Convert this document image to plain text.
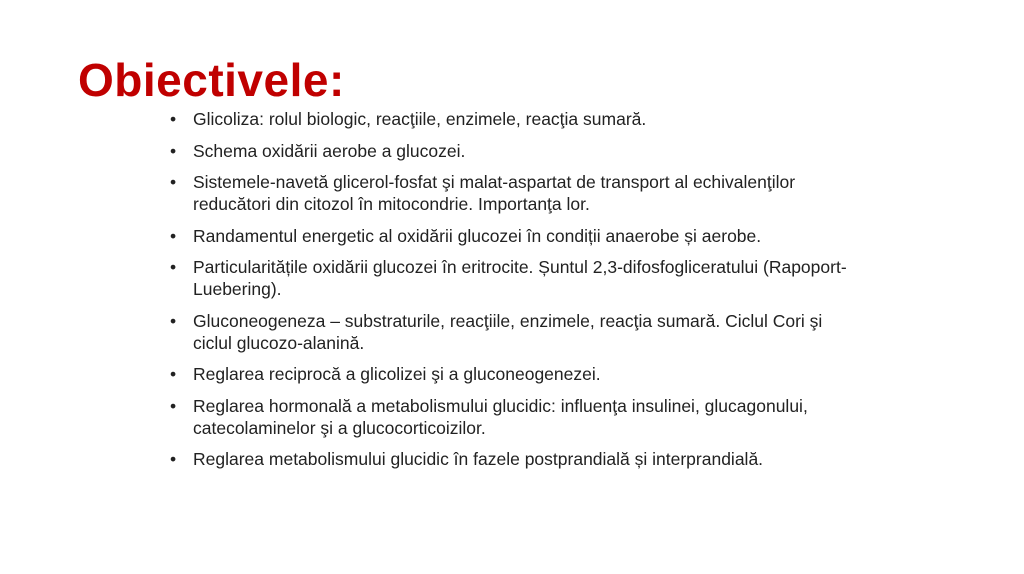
Obiectivele:
• Glicoliza: rolul biologic, reacţiile, enzimele, reacţia sumară.
• Schema oxidării aerobe a glucozei.
• Sistemele-navetă glicerol-fosfat şi malat-aspartat de transport al echivalenţilor reducători din citozol în mitocondrie. Importanţa lor.
• Randamentul energetic al oxidării glucozei în condiții anaerobe și aerobe.
• Particularitățile oxidării glucozei în eritrocite. Șuntul 2,3-difosfogliceratului (Rapoport-Luebering).
• Gluconeogeneza – substraturile, reacţiile, enzimele, reacţia sumară. Ciclul Cori şi ciclul glucozo-alanină.
• Reglarea reciprocă a glicolizei şi a gluconeogenezei.
• Reglarea hormonală a metabolismului glucidic: influenţa insulinei, glucagonului, catecolaminelor şi a glucocorticoizilor.
• Reglarea metabolismului glucidic în fazele postprandială și interprandială.
